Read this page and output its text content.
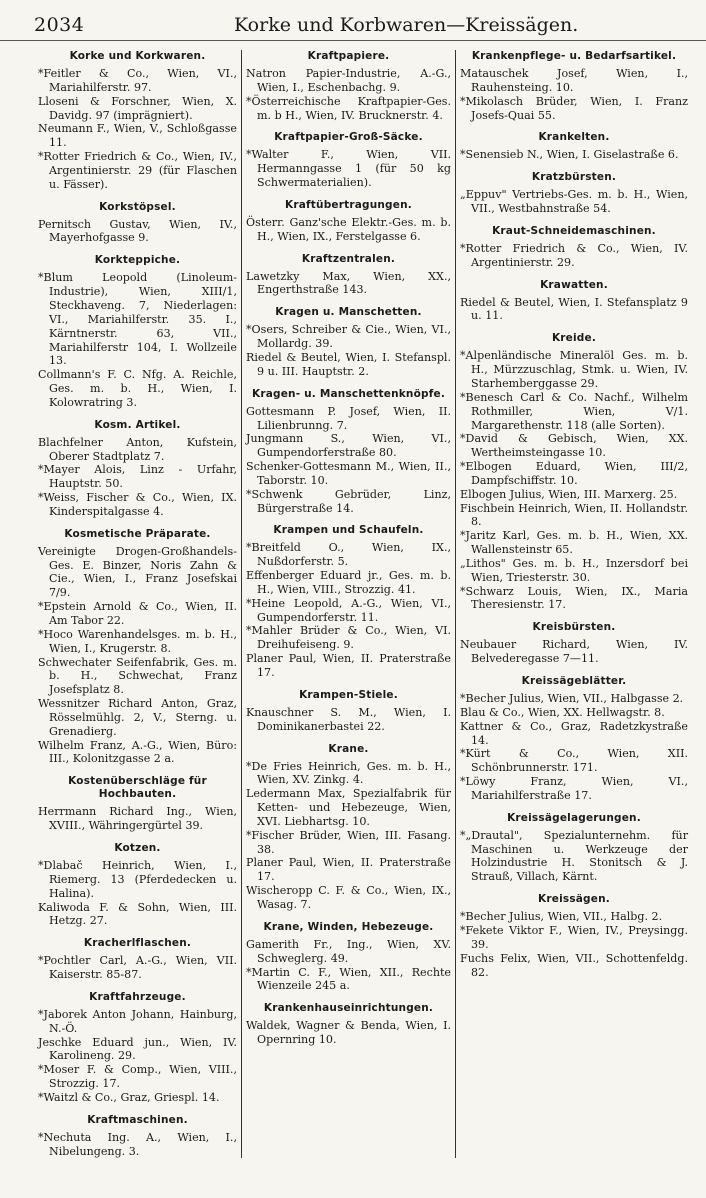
2034	Korke und Korbwaren—Kreissägen.
Korke und Korkwaren.

*Feitler & Co., Wien, VI., Mariahilferstr. 97.

Lloseni & Forschner, Wien, X. Davidg. 97 (imprägniert).

Neumann F., Wien, V., Schloßgasse 11.

*Rotter Friedrich & Co., Wien, IV., Argentinierstr. 29 (für Flaschen u. Fässer).

Korkstöpsel.

Pernitsch Gustav, Wien, IV., Mayerhofgasse 9.

Korkteppiche.

*Blum Leopold (Linoleum-Industrie), Wien, XIII/1, Steckhaveng. 7, Niederlagen: VI., Mariahilferstr. 35. I., Kärntnerstr. 63, VII., Mariahilferstr 104, I. Wollzeile 13.

Collmann's F. C. Nfg. A. Reichle, Ges. m. b. H., Wien, I. Kolowratring 3.

Kosm. Artikel.

Blachfelner Anton, Kufstein, Oberer Stadtplatz 7.

*Mayer Alois, Linz - Urfahr, Hauptstr. 50.

*Weiss, Fischer & Co., Wien, IX. Kinderspitalgasse 4.

Kosmetische Präparate.

Vereinigte Drogen-Großhandels-Ges. E. Binzer, Noris Zahn & Cie., Wien, I., Franz Josefskai 7/9.

*Epstein Arnold & Co., Wien, II. Am Tabor 22.

*Hoco Warenhandelsges. m. b. H., Wien, I., Krugerstr. 8.

Schwechater Seifenfabrik, Ges. m. b. H., Schwechat, Franz Josefsplatz 8.

Wessnitzer Richard Anton, Graz, Rösselmühlg. 2, V., Sterng. u. Grenadierg.

Wilhelm Franz, A.-G., Wien, Büro: III., Kolonitzgasse 2 a.

Kostenüberschläge für Hochbauten.

Herrmann Richard Ing., Wien, XVIII., Währingergürtel 39.

Kotzen.

*Dlabač Heinrich, Wien, I., Riemerg. 13 (Pferdedecken u. Halina).

Kaliwoda F. & Sohn, Wien, III. Hetzg. 27.

Kracherlflaschen.

*Pochtler Carl, A.-G., Wien, VII. Kaiserstr. 85-87.

Kraftfahrzeuge.

*Jaborek Anton Johann, Hainburg, N.-Ö.

Jeschke Eduard jun., Wien, IV. Karolineng. 29.

*Moser F. & Comp., Wien, VIII., Strozzig. 17.

*Waitzl & Co., Graz, Griespl. 14.

Kraftmaschinen.

*Nechuta Ing. A., Wien, I., Nibelungeng. 3.

Kraftpapiere.

Natron Papier-Industrie, A.-G., Wien, I., Eschenbachg. 9.

*Österreichische Kraftpapier-Ges. m. b H., Wien, IV. Brucknerstr. 4.

Kraftpapier-Groß-Säcke.

*Walter F., Wien, VII. Hermanngasse 1 (für 50 kg Schwermaterialien).

Kraftübertragungen.

Österr. Ganz'sche Elektr.-Ges. m. b. H., Wien, IX., Ferstelgasse 6.

Kraftzentralen.

Lawetzky Max, Wien, XX., Engerthstraße 143.

Kragen u. Manschetten.

*Osers, Schreiber & Cie., Wien, VI., Mollardg. 39.

Riedel & Beutel, Wien, I. Stefanspl. 9 u. III. Hauptstr. 2.

Kragen- u. Manschettenknöpfe.

Gottesmann P. Josef, Wien, II. Lilienbrunng. 7.

Jungmann S., Wien, VI., Gumpendorferstraße 80.

Schenker-Gottesmann M., Wien, II., Taborstr. 10.

*Schwenk Gebrüder, Linz, Bürgerstraße 14.

Krampen und Schaufeln.

*Breitfeld O., Wien, IX., Nußdorferstr. 5.

Effenberger Eduard jr., Ges. m. b. H., Wien, VIII., Strozzig. 41.

*Heine Leopold, A.-G., Wien, VI., Gumpendorferstr. 11.

*Mahler Brüder & Co., Wien, VI. Dreihufeiseng. 9.

Planer Paul, Wien, II. Praterstraße 17.

Krampen-Stiele.

Knauschner S. M., Wien, I. Dominikanerbastei 22.

Krane.

*De Fries Heinrich, Ges. m. b. H., Wien, XV. Zinkg. 4.

Ledermann Max, Spezialfabrik für Ketten- und Hebezeuge, Wien, XVI. Liebhartsg. 10.

*Fischer Brüder, Wien, III. Fasang. 38.

Planer Paul, Wien, II. Praterstraße 17.

Wischeropp C. F. & Co., Wien, IX., Wasag. 7.

Krane, Winden, Hebezeuge.

Gamerith Fr., Ing., Wien, XV. Schweglerg. 49.

*Martin C. F., Wien, XII., Rechte Wienzeile 245 a.

Krankenhauseinrichtungen.

Waldek, Wagner & Benda, Wien, I. Opernring 10.

Krankenpflege- u. Bedarfsartikel.

Matauschek Josef, Wien, I., Rauhensteing. 10.

*Mikolasch Brüder, Wien, I. Franz Josefs-Quai 55.

Krankelten.

*Senensieb N., Wien, I. Giselastraße 6.

Kratzbürsten.

„Eppuv" Vertriebs-Ges. m. b. H., Wien, VII., Westbahnstraße 54.

Kraut-Schneidemaschinen.

*Rotter Friedrich & Co., Wien, IV. Argentinierstr. 29.

Krawatten.

Riedel & Beutel, Wien, I. Stefansplatz 9 u. 11.

Kreide.

*Alpenländische Mineralöl Ges. m. b. H., Mürzzuschlag, Stmk. u. Wien, IV. Starhemberggasse 29.

*Benesch Carl & Co. Nachf., Wilhelm Rothmiller, Wien, V/1. Margarethenstr. 118 (alle Sorten).

*David & Gebisch, Wien, XX. Wertheimsteingasse 10.

*Elbogen Eduard, Wien, III/2, Dampfschiffstr. 10.

Elbogen Julius, Wien, III. Marxerg. 25.

Fischbein Heinrich, Wien, II. Hollandstr. 8.

*Jaritz Karl, Ges. m. b. H., Wien, XX. Wallensteinstr 65.

„Lithos" Ges. m. b. H., Inzersdorf bei Wien, Triesterstr. 30.

*Schwarz Louis, Wien, IX., Maria Theresienstr. 17.

Kreisbürsten.

Neubauer Richard, Wien, IV. Belvederegasse 7—11.

Kreissägeblätter.

*Becher Julius, Wien, VII., Halbgasse 2.

Blau & Co., Wien, XX. Hellwagstr. 8.

Kattner & Co., Graz, Radetzkystraße 14.

*Kürt & Co., Wien, XII. Schönbrunnerstr. 171.

*Löwy Franz, Wien, VI., Mariahilferstraße 17.

Kreissägelagerungen.

*„Drautal", Spezialunternehm. für Maschinen u. Werkzeuge der Holzindustrie H. Stonitsch & J. Strauß, Villach, Kärnt.

Kreissägen.

*Becher Julius, Wien, VII., Halbg. 2.

*Fekete Viktor F., Wien, IV., Preysingg. 39.

Fuchs Felix, Wien, VII., Schottenfeldg. 82.
